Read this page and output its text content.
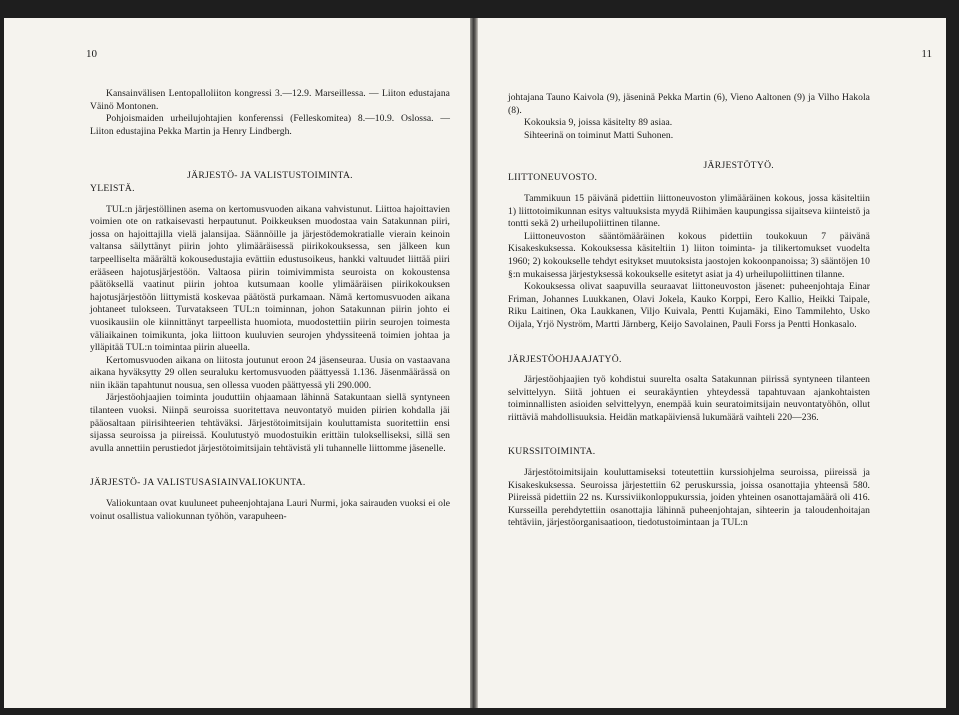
10

Kansainvälisen Lentopalloliiton kongressi 3.—12.9. Marseillessa. — Liiton edustajana Väinö Montonen.

Pohjoismaiden urheilujohtajien konferenssi (Felleskomitea) 8.—10.9. Oslossa. — Liiton edustajina Pekka Martin ja Henry Lindbergh.

JÄRJESTÖ- JA VALISTUSTOIMINTA.

YLEISTÄ.

TUL:n järjestöllinen asema on kertomusvuoden aikana vahvistunut. Liittoa hajoittavien voimien ote on ratkaisevasti herpautunut. Poikkeuksen muodostaa vain Satakunnan piiri, jossa on hajoittajilla vielä jalansijaa. Säännöille ja järjestödemokratialle vierain keinoin valtansa säilyttänyt piirin johto ylimääräisessä piirikokouksessa, sen jälkeen kun tarpeelliselta määrältä kokousedustajia evättiin edustusoikeus, hankki valtuudet liittää piiri erääseen hajotusjärjestöön. Valtaosa piirin toimivimmista seuroista on kokoustensa päätöksellä vaatinut piirin johtoa kutsumaan koolle ylimääräisen piirikokouksen hajotusjärjestöön liittymistä koskevaa päätöstä purkamaan. Nämä kertomusvuoden aikana johtaneet tulokseen. Turvatakseen TUL:n toiminnan, johon Satakunnan piirin johto ei vuosikausiin ole kiinnittänyt tarpeellista huomiota, muodostettiin piirin seurojen toimesta väliaikainen toimikunta, joka liittoon kuuluvien seurojen yhdyssiteenä toimien johtaa ja ylläpitää TUL:n toimintaa piirin alueella.

Kertomusvuoden aikana on liitosta joutunut eroon 24 jäsenseuraa. Uusia on vastaavana aikana hyväksytty 29 ollen seuraluku kertomusvuoden päättyessä 1.136. Jäsenmäärässä on niin ikään tapahtunut nousua, sen ollessa vuoden päättyessä yli 290.000.

Järjestöohjaajien toiminta jouduttiin ohjaamaan lähinnä Satakuntaan siellä syntyneen tilanteen vuoksi. Niinpä seuroissa suoritettava neuvontatyö muiden piirien kohdalla jäi pääosaltaan piirisihteerien tehtäväksi. Järjestötoimitsijain kouluttamista suoritettiin ensi sijassa seuroissa ja piireissä. Koulutustyö muodostuikin erittäin tulokselliseksi, sillä sen avulla annettiin perustiedot järjestötoimitsijain tehtävistä yli tuhannelle liittomme jäsenelle.

JÄRJESTÖ- JA VALISTUSASIAINVALIOKUNTA.

Valiokuntaan ovat kuuluneet puheenjohtajana Lauri Nurmi, joka sairauden vuoksi ei ole voinut osallistua valiokunnan työhön, varapuheen-

11

johtajana Tauno Kaivola (9), jäseninä Pekka Martin (6), Vieno Aaltonen (9) ja Vilho Hakola (8).

Kokouksia 9, joissa käsitelty 89 asiaa.

Sihteerinä on toiminut Matti Suhonen.

LIITTONEUVOSTO.

JÄRJESTÖTYÖ.

Tammikuun 15 päivänä pidettiin liittoneuvoston ylimääräinen kokous, jossa käsiteltiin 1) liittotoimikunnan esitys valtuuksista myydä Riihimäen kaupungissa sijaitseva kiinteistö ja tontti sekä 2) urheilupoliittinen tilanne.

Liittoneuvoston sääntömääräinen kokous pidettiin toukokuun 7 päivänä Kisakeskuksessa. Kokouksessa käsiteltiin 1) liiton toiminta- ja tilikertomukset vuodelta 1960; 2) kokoukselle tehdyt esitykset muutoksista jaostojen kokoonpanoissa; 3) sääntöjen 10 §:n mukaisessa järjestyksessä kokoukselle esitetyt asiat ja 4) urheilupoliittinen tilanne.

Kokouksessa olivat saapuvilla seuraavat liittoneuvoston jäsenet: puheenjohtaja Einar Friman, Johannes Luukkanen, Olavi Jokela, Kauko Korppi, Eero Kallio, Heikki Taipale, Riku Laitinen, Oka Laukkanen, Viljo Kuivala, Pentti Kujamäki, Eino Tammilehto, Usko Oijala, Yrjö Nyström, Martti Järnberg, Keijo Savolainen, Pauli Forss ja Pentti Honkasalo.

JÄRJESTÖOHJAAJATYÖ.

Järjestöohjaajien työ kohdistui suurelta osalta Satakunnan piirissä syntyneen tilanteen selvittelyyn. Siitä johtuen ei seurakäyntien yhteydessä tapahtuvaan ajankohtaisten toiminnallisten asioiden selvittelyyn, enempää kuin seuratoimitsijain neuvontatyöhön, ollut riittäviä mahdollisuuksia. Heidän matkapäiviensä lukumäärä vaihteli 220—236.

KURSSITOIMINTA.

Järjestötoimitsijain kouluttamiseksi toteutettiin kurssiohjelma seuroissa, piireissä ja Kisakeskuksessa. Seuroissa järjestettiin 62 peruskurssia, joissa osanottajia yhteensä 580. Piireissä pidettiin 22 ns. Kurssiviikonloppukurssia, joiden yhteinen osanottajamäärä oli 416. Kursseilla perehdytettiin osanottajia lähinnä puheenjohtajan, sihteerin ja taloudenhoitajan tehtäviin, järjestöorganisaatioon, tiedotustoimintaan ja TUL:n
